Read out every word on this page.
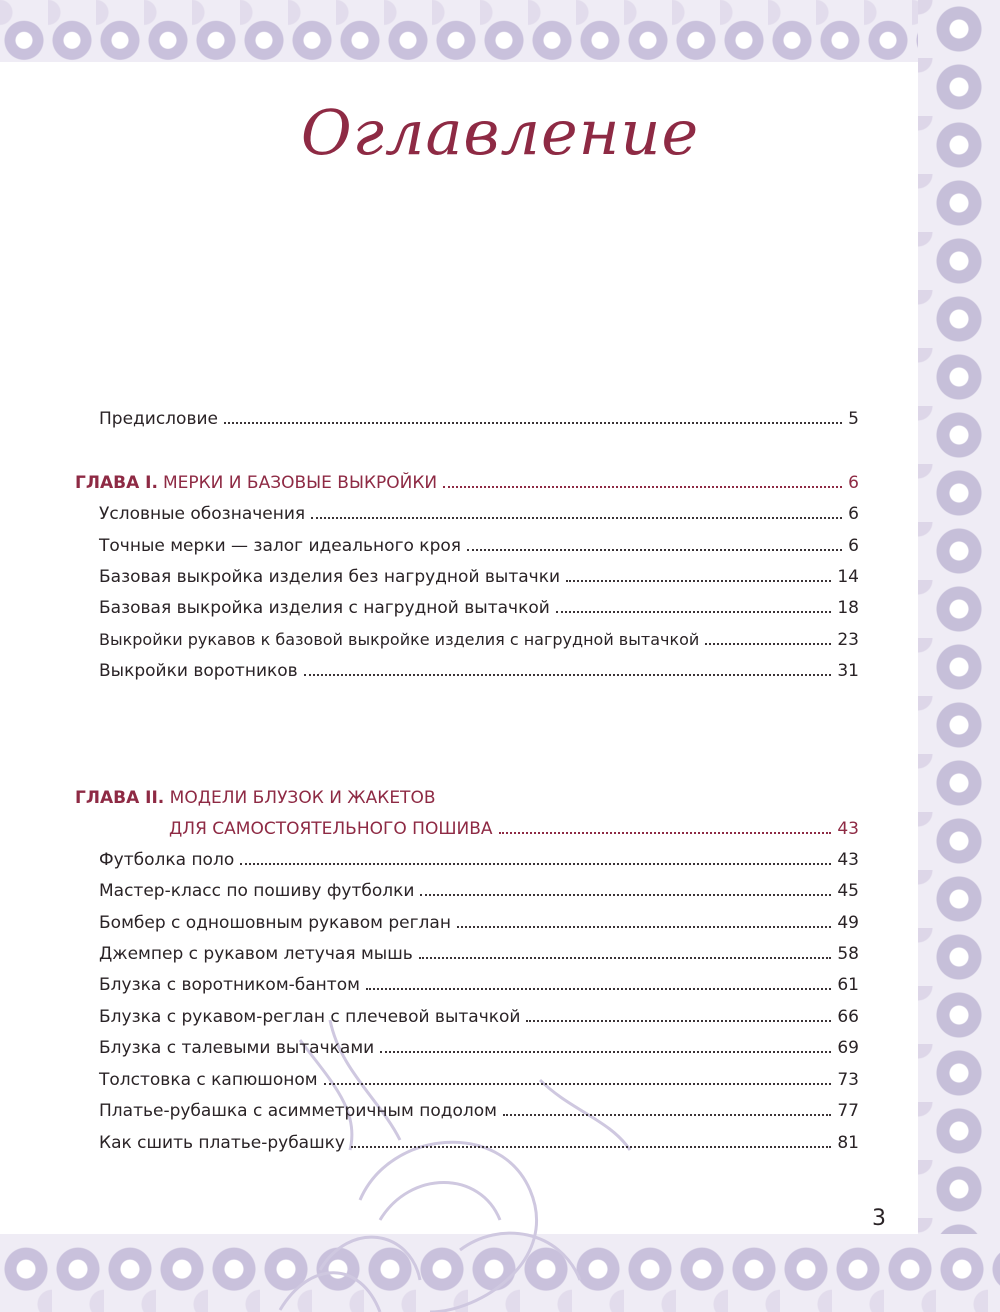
Оглавление
Предисловие	5
ГЛАВА I. МЕРКИ И БАЗОВЫЕ ВЫКРОЙКИ	6
Условные обозначения	6
Точные мерки — залог идеального кроя	6
Базовая выкройка изделия без нагрудной вытачки	14
Базовая выкройка изделия с нагрудной вытачкой	18
Выкройки рукавов к базовой выкройке изделия с нагрудной вытачкой	23
Выкройки воротников	31
ГЛАВА II. МОДЕЛИ БЛУЗОК И ЖАКЕТОВ
ДЛЯ САМОСТОЯТЕЛЬНОГО ПОШИВА	43
Футболка поло	43
Мастер-класс по пошиву футболки	45
Бомбер с одношовным рукавом реглан	49
Джемпер с рукавом летучая мышь	58
Блузка с воротником-бантом	61
Блузка с рукавом-реглан с плечевой вытачкой	66
Блузка с талевыми вытачками	69
Толстовка с капюшоном	73
Платье-рубашка с асимметричным подолом	77
Как сшить платье-рубашку	81
3
